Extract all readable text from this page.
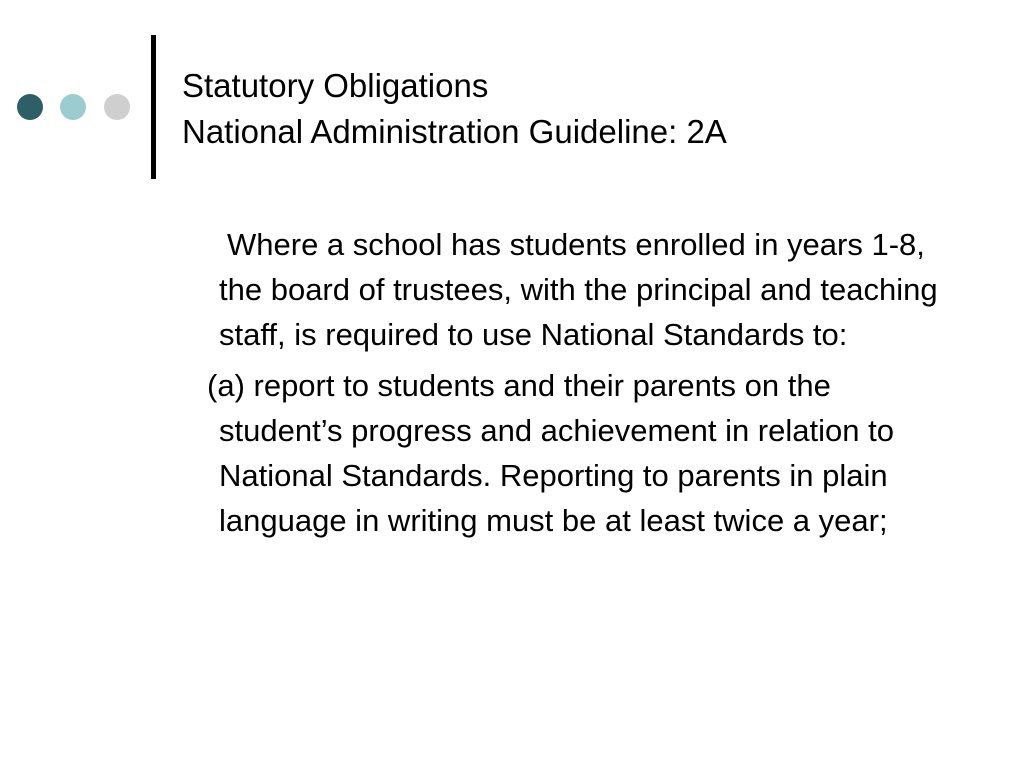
Statutory Obligations
National Administration Guideline: 2A

Where a school has students enrolled in years 1-8, the board of trustees, with the principal and teaching staff, is required to use National Standards to:

(a) report to students and their parents on the student’s progress and achievement in relation to National Standards. Reporting to parents in plain language in writing must be at least twice a year;
